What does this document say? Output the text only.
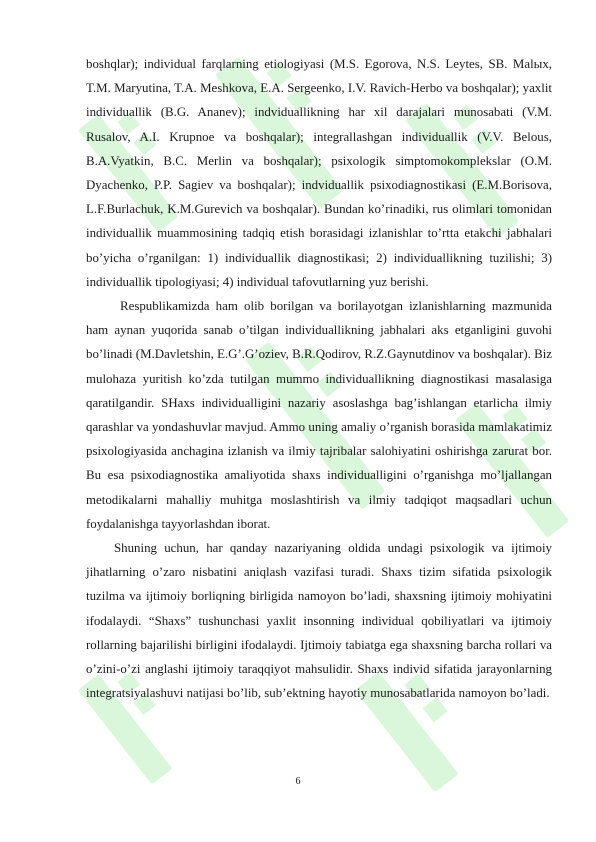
boshqlar); individual farqlarning etiologiyasi (M.S. Egorova, N.S. Leytes, SB. Malых, T.M. Maryutina, T.A. Meshkova, E.A. Sergeenko, I.V. Ravich-Herbo va boshqalar); yaxlit individuallik (B.G. Ananev); indviduallikning har xil darajalari munosabati (V.M. Rusalov, A.I. Krupnoe va boshqalar); integrallashgan individuallik (V.V. Belous, B.A.Vyatkin, B.C. Merlin va boshqalar); psixologik simptomokomplekslar (O.M. Dyachenko, P.P. Sagiev va boshqalar); indviduallik psixodiagnostikasi (E.M.Borisova, L.F.Burlachuk, K.M.Gurevich va boshqalar). Bundan ko’rinadiki, rus olimlari tomonidan individuallik muammosining tadqiq etish borasidagi izlanishlar to’rtta etakchi jabhalari bo’yicha o’rganilgan: 1) individuallik diagnostikasi; 2) individuallikning tuzilishi; 3) individuallik tipologiyasi; 4) individual tafovutlarning yuz berishi.

Respublikamizda ham olib borilgan va borilayotgan izlanishlarning mazmunida ham aynan yuqorida sanab o’tilgan individuallikning jabhalari aks etganligini guvohi bo’linadi (M.Davletshin, E.G’.G’oziev, B.R.Qodirov, R.Z.Gaynutdinov va boshqalar). Biz mulohaza yuritish ko’zda tutilgan mummo individuallikning diagnostikasi masalasiga qaratilgandir. SHaxs individualligini nazariy asoslashga bag’ishlangan etarlicha ilmiy qarashlar va yondashuvlar mavjud. Ammo uning amaliy o’rganish borasida mamlakatimiz psixologiyasida anchagina izlanish va ilmiy tajribalar salohiyatini oshirishga zarurat bor. Bu esa psixodiagnostika amaliyotida shaxs individualligini o’rganishga mo’ljallangan metodikalarni mahalliy muhitga moslashtirish va ilmiy tadqiqot maqsadlari uchun foydalanishga tayyorlashdan iborat.

Shuning uchun, har qanday nazariyaning oldida undagi psixologik va ijtimoiy jihatlarning o’zaro nisbatini aniqlash vazifasi turadi. Shaxs tizim sifatida psixologik tuzilma va ijtimoiy borliqning birligida namoyon bo’ladi, shaxsning ijtimoiy mohiyatini ifodalaydi. “Shaxs” tushunchasi yaxlit insonning individual qobiliyatlari va ijtimoiy rollarning bajarilishi birligini ifodalaydi. Ijtimoiy tabiatga ega shaxsning barcha rollari va o’zini-o’zi anglashi ijtimoiy taraqqiyot mahsulidir. Shaxs individ sifatida jarayonlarning integratsiyalashuvi natijasi bo’lib, sub’ektning hayotiy munosabatlarida namoyon bo’ladi.

6
